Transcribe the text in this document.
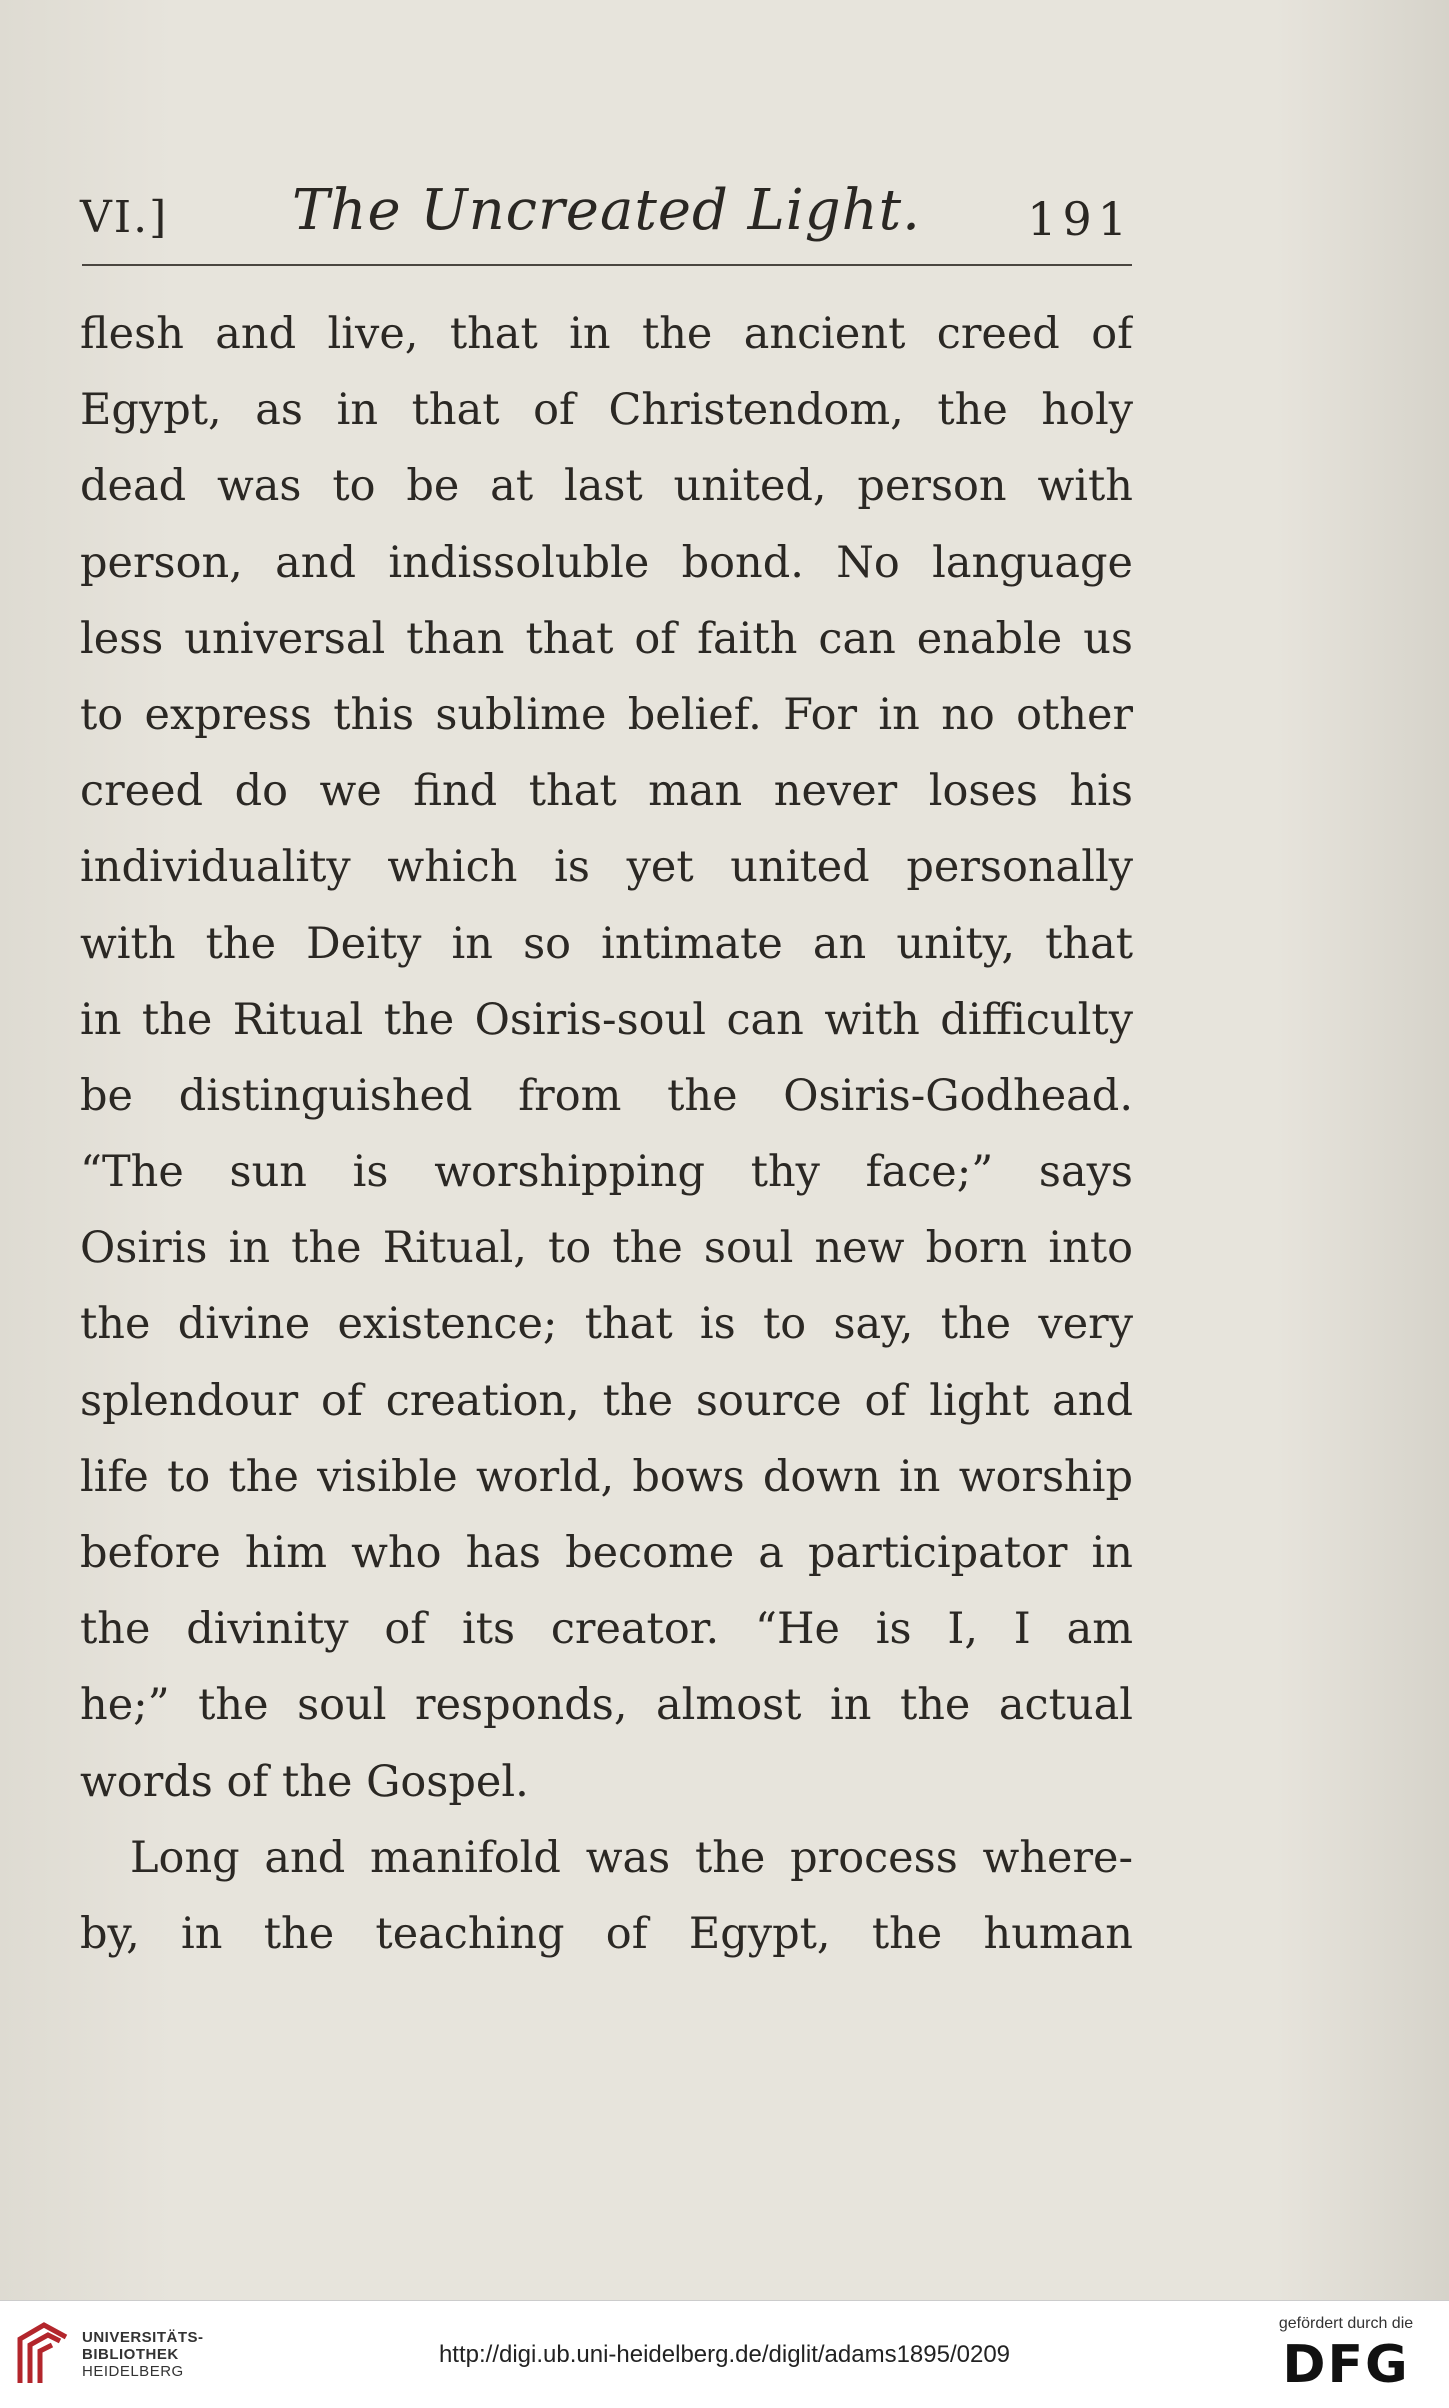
VI.]	The Uncreated Light.	191
flesh and live, that in the ancient creed of
Egypt, as in that of Christendom, the holy
dead was to be at last united, person with
person, and indissoluble bond. No language
less universal than that of faith can enable us
to express this sublime belief. For in no other
creed do we find that man never loses his
individuality which is yet united personally
with the Deity in so intimate an unity, that
in the Ritual the Osiris-soul can with difficulty
be distinguished from the Osiris-Godhead.
“The sun is worshipping thy face;” says
Osiris in the Ritual, to the soul new born into
the divine existence; that is to say, the very
splendour of creation, the source of light and
life to the visible world, bows down in worship
before him who has become a participator in
the divinity of its creator. “He is I, I am
he;” the soul responds, almost in the actual
words of the Gospel.
Long and manifold was the process where-
by, in the teaching of Egypt, the human
UNIVERSITÄTS-
BIBLIOTHEK
HEIDELBERG
http://digi.ub.uni-heidelberg.de/diglit/adams1895/0209
gefördert durch die
DFG
